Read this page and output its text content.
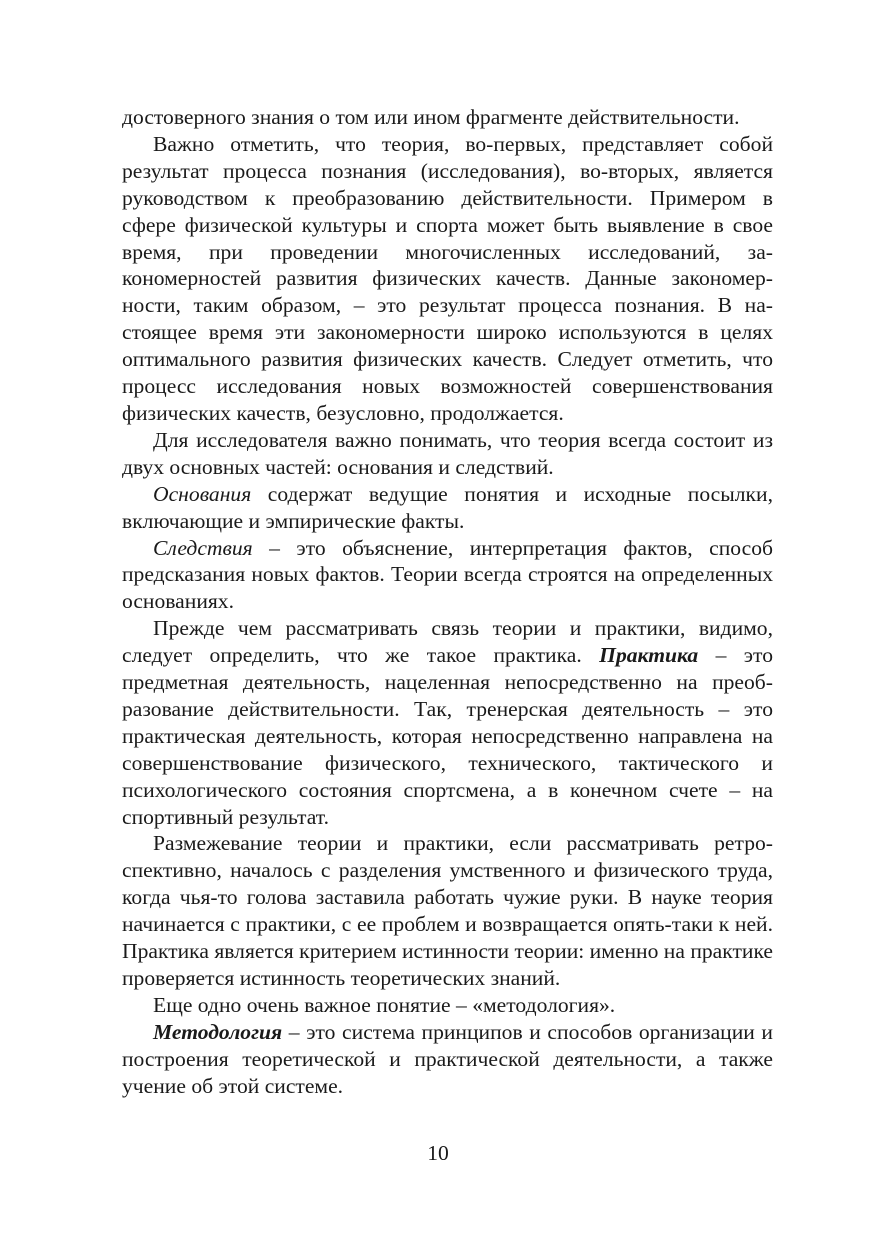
достоверного знания о том или ином фрагменте действительности.

Важно отметить, что теория, во-первых, представляет собой результат процесса познания (исследования), во-вторых, является руководством к преобразованию действительности. Примером в сфере физической культуры и спорта может быть выявление в свое время, при проведении многочисленных исследований, закономерностей развития физических качеств. Данные закономерности, таким образом, – это результат процесса познания. В настоящее время эти закономерности широко используются в целях оптимального развития физических качеств. Следует отметить, что процесс исследования новых возможностей совершенствования физических качеств, безусловно, продолжается.

Для исследователя важно понимать, что теория всегда состоит из двух основных частей: основания и следствий.

Основания содержат ведущие понятия и исходные посылки, включающие и эмпирические факты.

Следствия – это объяснение, интерпретация фактов, способ предсказания новых фактов. Теории всегда строятся на определенных основаниях.

Прежде чем рассматривать связь теории и практики, видимо, следует определить, что же такое практика. Практика – это предметная деятельность, нацеленная непосредственно на преобразование действительности. Так, тренерская деятельность – это практическая деятельность, которая непосредственно направлена на совершенствование физического, технического, тактического и психологического состояния спортсмена, а в конечном счете – на спортивный результат.

Размежевание теории и практики, если рассматривать ретроспективно, началось с разделения умственного и физического труда, когда чья-то голова заставила работать чужие руки. В науке теория начинается с практики, с ее проблем и возвращается опять-таки к ней. Практика является критерием истинности теории: именно на практике проверяется истинность теоретических знаний.

Еще одно очень важное понятие – «методология».

Методология – это система принципов и способов организации и построения теоретической и практической деятельности, а также учение об этой системе.

10
